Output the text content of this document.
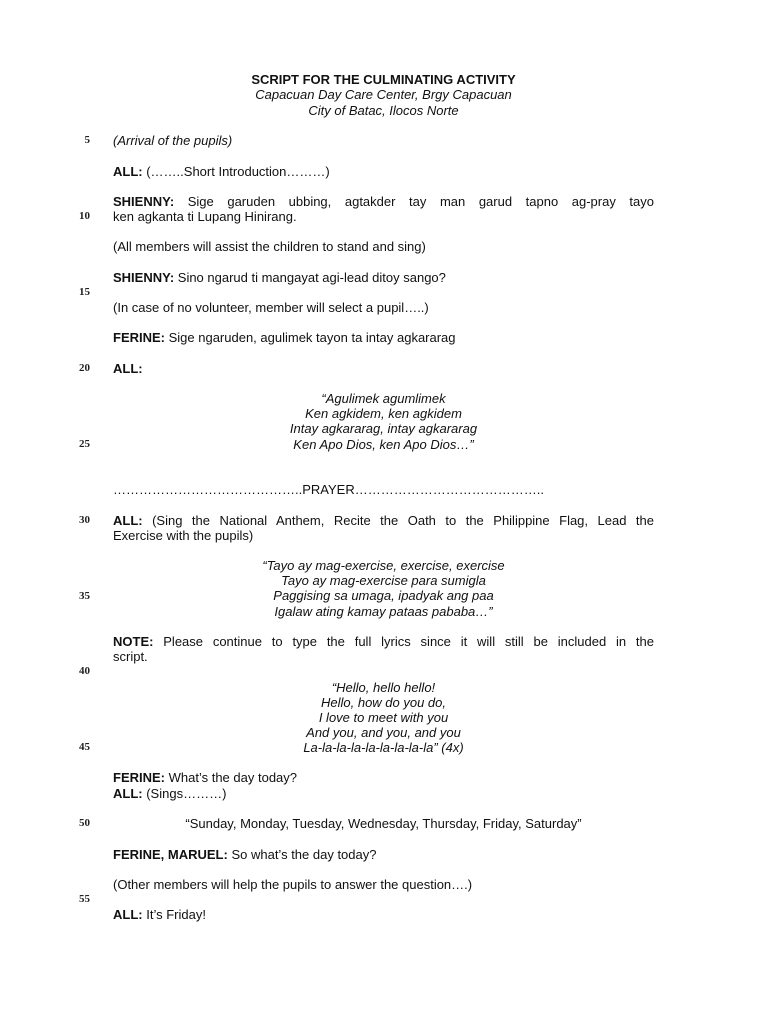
SCRIPT FOR THE CULMINATING ACTIVITY
Capacuan Day Care Center, Brgy Capacuan
City of Batac, Ilocos Norte
5
10
15
20
25
30
35
40
45
50
55
(Arrival of the pupils)
ALL: (……..Short Introduction………)
SHIENNY: Sige garuden ubbing, agtakder tay man garud tapno ag-pray tayo
ken agkanta ti Lupang Hinirang.
(All members will assist the children to stand and sing)
SHIENNY: Sino ngarud ti mangayat agi-lead ditoy sango?
(In case of no volunteer, member will select a pupil…..)
FERINE: Sige ngaruden, agulimek tayon ta intay agkararag
ALL:
“Agulimek agumlimek
Ken agkidem, ken agkidem
Intay agkararag, intay agkararag
Ken Apo Dios, ken Apo Dios…”
……………………………………..PRAYER……………………………………..
ALL: (Sing the National Anthem, Recite the Oath to the Philippine Flag, Lead the
Exercise with the pupils)
“Tayo ay mag-exercise, exercise, exercise
Tayo ay mag-exercise para sumigla
Paggising sa umaga, ipadyak ang paa
Igalaw ating kamay pataas pababa…”
NOTE: Please continue to type the full lyrics since it will still be included in the
script.
“Hello, hello hello!
Hello, how do you do,
I love to meet with you
And you, and you, and you
La-la-la-la-la-la-la-la-la” (4x)
FERINE: What’s the day today?
ALL: (Sings………)
“Sunday, Monday, Tuesday, Wednesday, Thursday, Friday, Saturday”
FERINE, MARUEL: So what’s the day today?
(Other members will help the pupils to answer the question….)
ALL: It’s Friday!
